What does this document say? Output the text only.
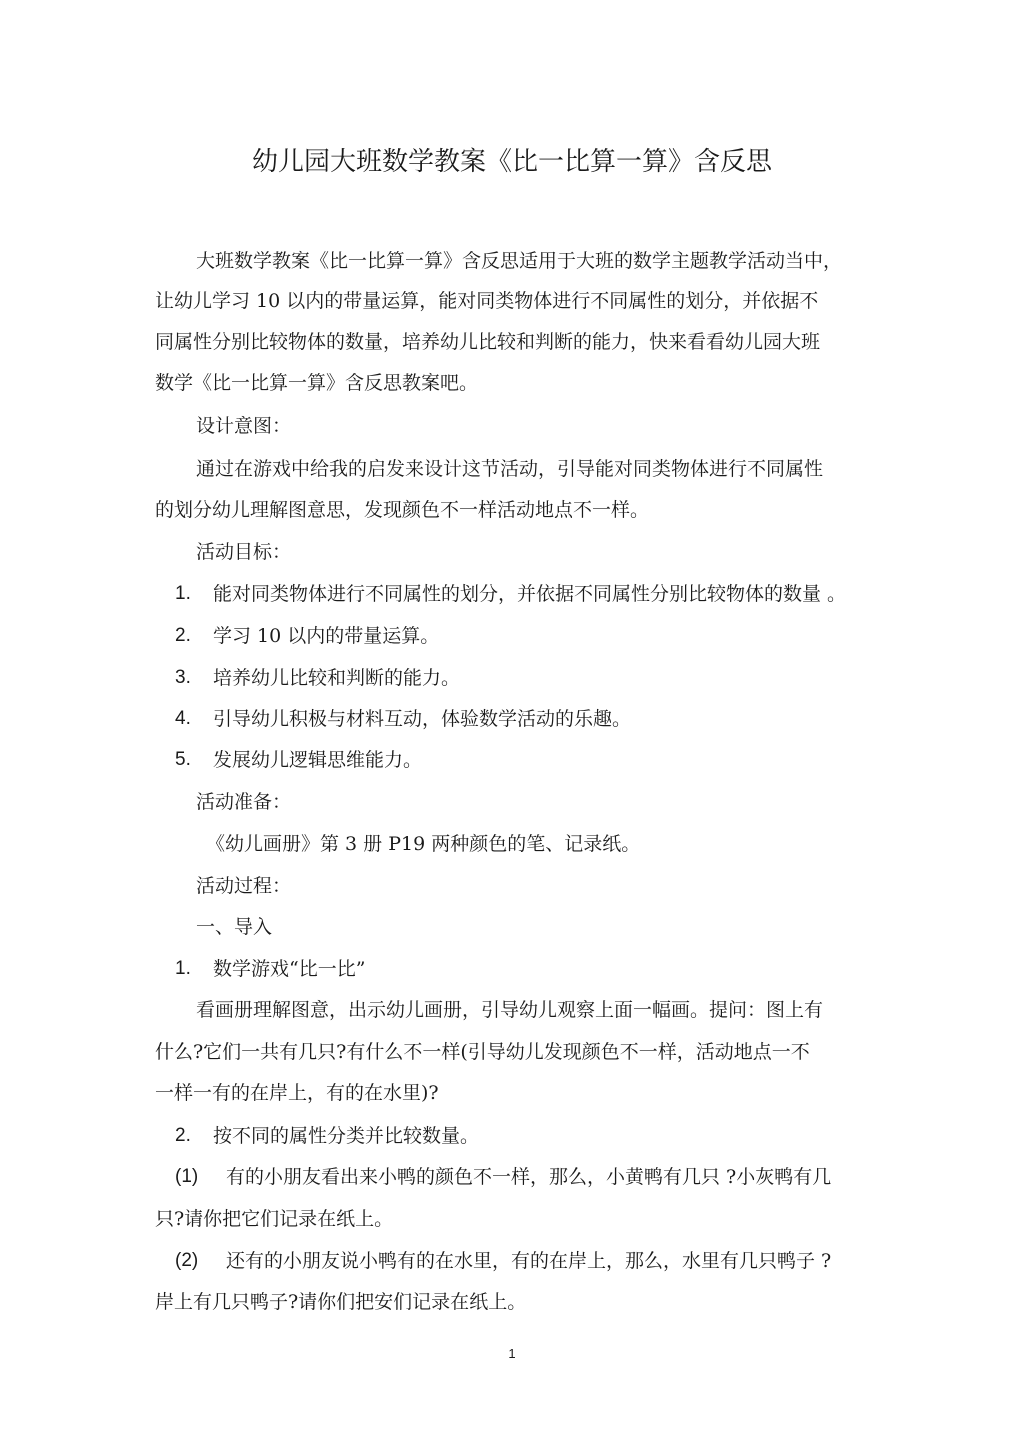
幼儿园大班数学教案《比一比算一算》含反思

大班数学教案《比一比算一算》含反思适用于大班的数学主题教学活动当中，

让幼儿学习 10 以内的带量运算，能对同类物体进行不同属性的划分，并依据不

同属性分别比较物体的数量，培养幼儿比较和判断的能力，快来看看幼儿园大班

数学《比一比算一算》含反思教案吧。

设计意图：

通过在游戏中给我的启发来设计这节活动，引导能对同类物体进行不同属性

的划分幼儿理解图意思，发现颜色不一样活动地点不一样。

活动目标：

1. 能对同类物体进行不同属性的划分，并依据不同属性分别比较物体的数量 。
2. 学习 10 以内的带量运算。
3. 培养幼儿比较和判断的能力。
4. 引导幼儿积极与材料互动，体验数学活动的乐趣。
5. 发展幼儿逻辑思维能力。

活动准备：

《幼儿画册》第 3 册 P19 两种颜色的笔、记录纸。

活动过程：

一、导入

1. 数学游戏“比一比”

看画册理解图意，出示幼儿画册，引导幼儿观察上面一幅画。提问：图上有

什么?它们一共有几只?有什么不一样(引导幼儿发现颜色不一样，活动地点一不

一样一有的在岸上，有的在水里)?

2. 按不同的属性分类并比较数量。
(1) 有的小朋友看出来小鸭的颜色不一样，那么，小黄鸭有几只 ?小灰鸭有几

只?请你把它们记录在纸上。

(2) 还有的小朋友说小鸭有的在水里，有的在岸上，那么，水里有几只鸭子 ?

岸上有几只鸭子?请你们把安们记录在纸上。

1
